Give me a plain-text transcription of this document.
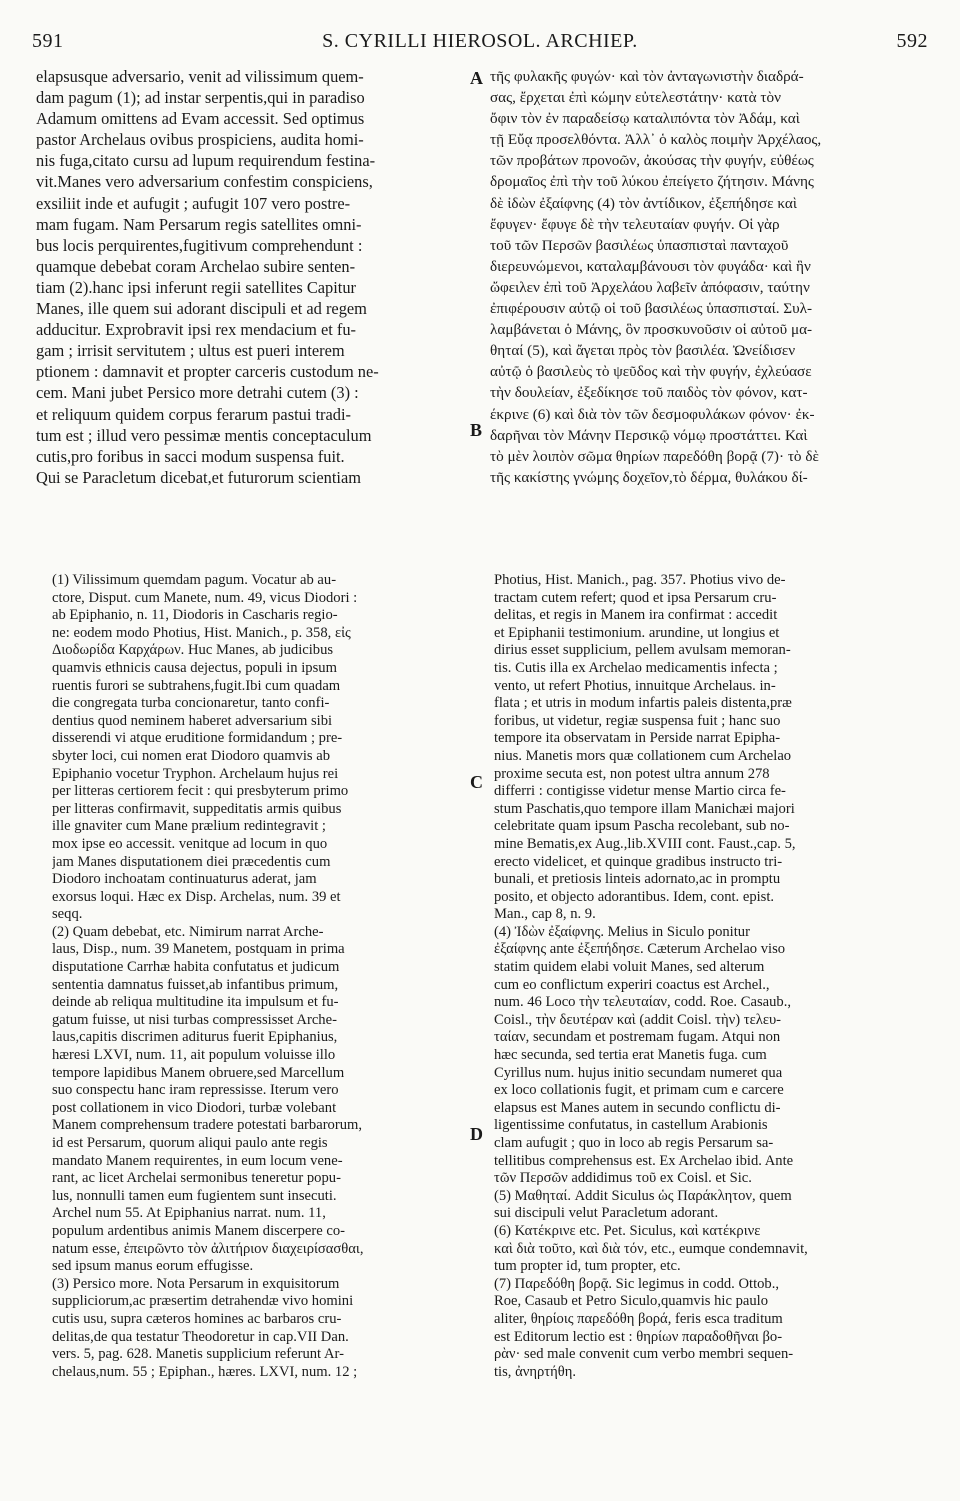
591	S. CYRILLI HIEROSOL. ARCHIEP.	592
A
B
C
D
elapsusque adversario, venit ad vilissimum quem-
dam pagum (1); ad instar serpentis,qui in paradiso
Adamum omittens ad Evam accessit. Sed optimus
pastor Archelaus ovibus prospiciens, audita homi-
nis fuga,citato cursu ad lupum requirendum festina-
vit.Manes vero adversarium confestim conspiciens,
exsiliit inde et aufugit ; aufugit 107 vero postre-
mam fugam. Nam Persarum regis satellites omni-
bus locis perquirentes,fugitivum comprehendunt :
quamque debebat coram Archelao subire senten-
tiam (2).hanc ipsi inferunt regii satellites Capitur
Manes, ille quem sui adorant discipuli et ad regem
adducitur. Exprobravit ipsi rex mendacium et fu-
gam ; irrisit servitutem ; ultus est pueri interem
ptionem : damnavit et propter carceris custodum ne-
cem. Mani jubet Persico more detrahi cutem (3) :
et reliquum quidem corpus ferarum pastui tradi-
tum est ; illud vero pessimæ mentis conceptaculum
cutis,pro foribus in sacci modum suspensa fuit.
Qui se Paracletum dicebat,et futurorum scientiam
τῆς φυλακῆς φυγών· καὶ τὸν ἀνταγωνιστὴν διαδρά-
σας, ἔρχεται ἐπὶ κώμην εὐτελεστάτην· κατὰ τὸν
ὄφιν τὸν ἐν παραδείσῳ καταλιπόντα τὸν Ἀδάμ, καὶ
τῇ Εὔᾳ προσελθόντα. Ἀλλ᾽ ὁ καλὸς ποιμὴν Ἀρχέλαος,
τῶν προβάτων προνοῶν, ἀκούσας τὴν φυγήν, εὐθέως
δρομαῖος ἐπὶ τὴν τοῦ λύκου ἐπείγετο ζήτησιν. Μάνης
δὲ ἰδὼν ἐξαίφνης (4) τὸν ἀντίδικον, ἐξεπήδησε καὶ
ἔφυγεν· ἔφυγε δὲ τὴν τελευταίαν φυγήν. Οἱ γὰρ
τοῦ τῶν Περσῶν βασιλέως ὑπασπισταὶ πανταχοῦ
διερευνώμενοι, καταλαμβάνουσι τὸν φυγάδα· καὶ ἣν
ὤφειλεν ἐπὶ τοῦ Ἀρχελάου λαβεῖν ἀπόφασιν, ταύτην
ἐπιφέρουσιν αὐτῷ οἱ τοῦ βασιλέως ὑπασπισταί. Συλ-
λαμβάνεται ὁ Μάνης, ὃν προσκυνοῦσιν οἱ αὐτοῦ μα-
θηταί (5), καὶ ἄγεται πρὸς τὸν βασιλέα. Ὠνείδισεν
αὐτῷ ὁ βασιλεὺς τὸ ψεῦδος καὶ τὴν φυγήν, ἐχλεύασε
τὴν δουλείαν, ἐξεδίκησε τοῦ παιδὸς τὸν φόνον, κατ-
έκρινε (6) καὶ διὰ τὸν τῶν δεσμοφυλάκων φόνον· ἐκ-
δαρῆναι τὸν Μάνην Περσικῷ νόμῳ προστάττει. Καὶ
τὸ μὲν λοιπὸν σῶμα θηρίων παρεδόθη βορᾷ (7)· τὸ δὲ
τῆς κακίστης γνώμης δοχεῖον,τὸ δέρμα, θυλάκου δί-
(1) Vilissimum quemdam pagum. Vocatur ab au-
ctore, Disput. cum Manete, num. 49, vicus Diodori :
ab Epiphanio, n. 11, Diodoris in Cascharis regio-
ne: eodem modo Photius, Hist. Manich., p. 358, εἰς
Διοδωρίδα Καρχάρων. Huc Manes, ab judicibus
quamvis ethnicis causa dejectus, populi in ipsum
ruentis furori se subtrahens,fugit.Ibi cum quadam
die congregata turba concionaretur, tanto confi-
dentius quod neminem haberet adversarium sibi
disserendi vi atque eruditione formidandum ; pre-
sbyter loci, cui nomen erat Diodoro quamvis ab
Epiphanio vocetur Tryphon. Archelaum hujus rei
per litteras certiorem fecit : qui presbyterum primo
per litteras confirmavit, suppeditatis armis quibus
ille gnaviter cum Mane prælium redintegravit ;
mox ipse eo accessit. venitque ad locum in quo
jam Manes disputationem diei præcedentis cum
Diodoro inchoatam continuaturus aderat, jam
exorsus loqui. Hæc ex Disp. Archelas, num. 39 et
seqq.
(2) Quam debebat, etc. Nimirum narrat Arche-
laus, Disp., num. 39 Manetem, postquam in prima
disputatione Carrhæ habita confutatus et judicum
sententia damnatus fuisset,ab infantibus primum,
deinde ab reliqua multitudine ita impulsum et fu-
gatum fuisse, ut nisi turbas compressisset Arche-
laus,capitis discrimen aditurus fuerit Epiphanius,
hæresi LXVI, num. 11, ait populum voluisse illo
tempore lapidibus Manem obruere,sed Marcellum
suo conspectu hanc iram repressisse. Iterum vero
post collationem in vico Diodori, turbæ volebant
Manem comprehensum tradere potestati barbarorum,
id est Persarum, quorum aliqui paulo ante regis
mandato Manem requirentes, in eum locum vene-
rant, ac licet Archelai sermonibus teneretur popu-
lus, nonnulli tamen eum fugientem sunt insecuti.
Archel num 55. At Epiphanius narrat. num. 11,
populum ardentibus animis Manem discerpere co-
natum esse, ἐπειρῶντο τὸν ἀλιτήριον διαχειρίσασθαι,
sed ipsum manus eorum effugisse.
(3) Persico more. Nota Persarum in exquisitorum
suppliciorum,ac præsertim detrahendæ vivo homini
cutis usu, supra cæteros homines ac barbaros cru-
delitas,de qua testatur Theodoretur in cap.VII Dan.
vers. 5, pag. 628. Manetis supplicium referunt Ar-
chelaus,num. 55 ; Epiphan., hæres. LXVI, num. 12 ;
Photius, Hist. Manich., pag. 357. Photius vivo de-
tractam cutem refert; quod et ipsa Persarum cru-
delitas, et regis in Manem ira confirmat : accedit
et Epiphanii testimonium. arundine, ut longius et
dirius esset supplicium, pellem avulsam memoran-
tis. Cutis illa ex Archelao medicamentis infecta ;
vento, ut refert Photius, innuitque Archelaus. in-
flata ; et utris in modum infartis paleis distenta,præ
foribus, ut videtur, regiæ suspensa fuit ; hanc suo
tempore ita observatam in Perside narrat Epipha-
nius. Manetis mors quæ collationem cum Archelao
proxime secuta est, non potest ultra annum 278
differri : contigisse videtur mense Martio circa fe-
stum Paschatis,quo tempore illam Manichæi majori
celebritate quam ipsum Pascha recolebant, sub no-
mine Bematis,ex Aug.,lib.XVIII cont. Faust.,cap. 5,
erecto videlicet, et quinque gradibus instructo tri-
bunali, et pretiosis linteis adornato,ac in promptu
posito, et objecto adorantibus. Idem, cont. epist.
Man., cap 8, n. 9.
(4) Ἰδὼν ἐξαίφνης. Melius in Siculo ponitur
ἐξαίφνης ante ἐξεπήδησε. Cæterum Archelao viso
statim quidem elabi voluit Manes, sed alterum
cum eo conflictum experiri coactus est Archel.,
num. 46 Loco τὴν τελευταίαν, codd. Roe. Casaub.,
Coisl., τὴν δευτέραν καὶ (addit Coisl. τὴν) τελευ-
ταίαν, secundam et postremam fugam. Atqui non
hæc secunda, sed tertia erat Manetis fuga. cum
Cyrillus num. hujus initio secundam numeret qua
ex loco collationis fugit, et primam cum e carcere
elapsus est Manes autem in secundo conflictu di-
ligentissime confutatus, in castellum Arabionis
clam aufugit ; quo in loco ab regis Persarum sa-
tellitibus comprehensus est. Ex Archelao ibid. Ante
τῶν Περσῶν addidimus τοῦ ex Coisl. et Sic.
(5) Μαθηταί. Addit Siculus ὡς Παράκλητον, quem
sui discipuli velut Paracletum adorant.
(6) Κατέκρινε etc. Pet. Siculus, καὶ κατέκρινε
καὶ διὰ τοῦτο, καὶ διὰ τόν, etc., eumque condemnavit,
tum propter id, tum propter, etc.
(7) Παρεδόθη βορᾷ. Sic legimus in codd. Ottob.,
Roe, Casaub et Petro Siculo,quamvis hic paulo
aliter, θηρίοις παρεδόθη βορά, feris esca traditum
est Editorum lectio est : θηρίων παραδοθῆναι βο-
ρὰν· sed male convenit cum verbo membri sequen-
tis, ἀνηρτήθη.
